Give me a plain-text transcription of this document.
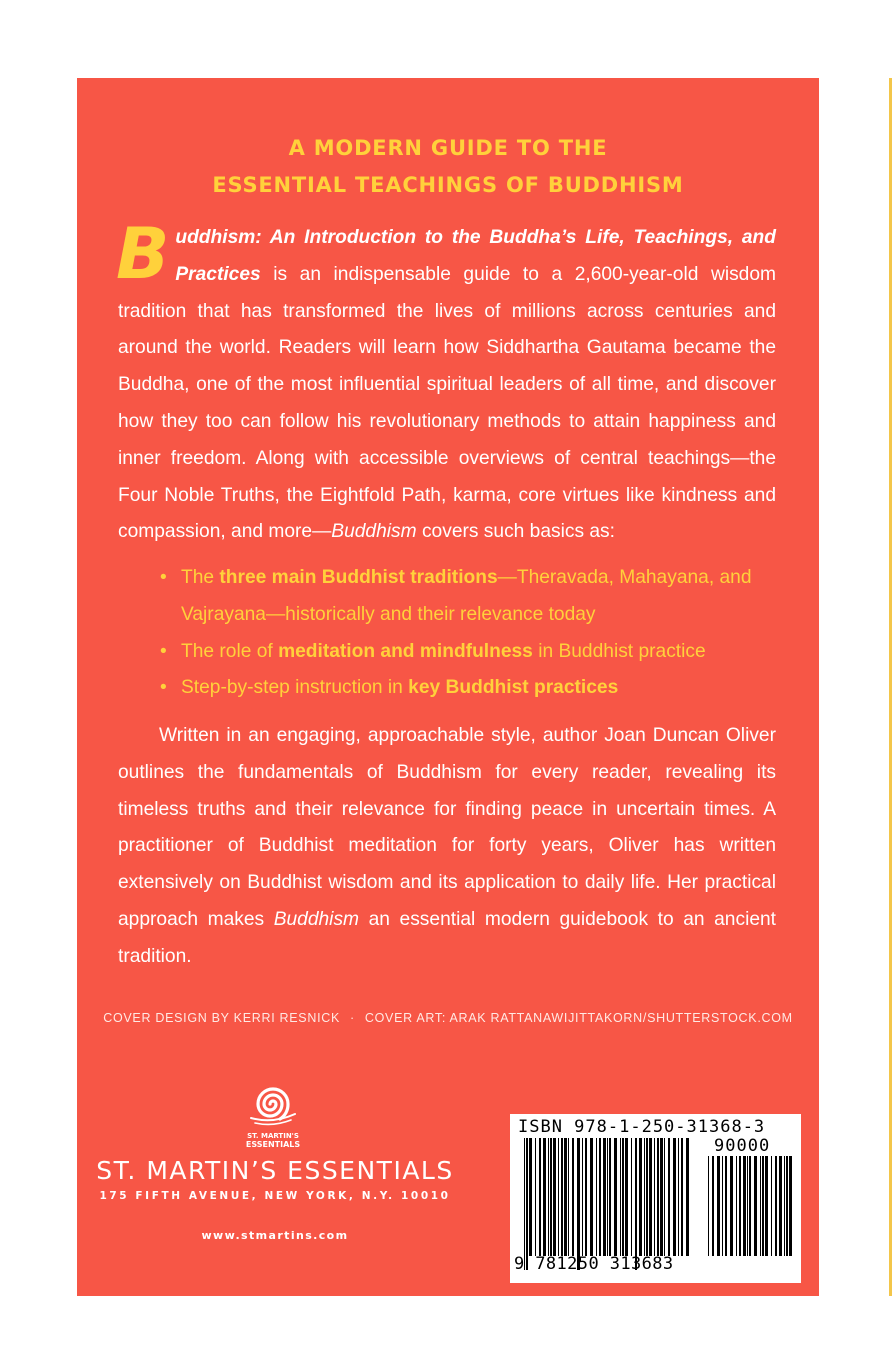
A MODERN GUIDE TO THE
ESSENTIAL TEACHINGS OF BUDDHISM
B uddhism: An Introduction to the Buddha’s Life, Teachings, and Practices is an indispensable guide to a 2,600-year-old wisdom tradition that has transformed the lives of millions across centuries and around the world. Readers will learn how Siddhartha Gautama became the Buddha, one of the most influential spiritual leaders of all time, and discover how they too can follow his revolutionary methods to attain happiness and inner freedom. Along with accessible overviews of central teachings—the Four Noble Truths, the Eightfold Path, karma, core virtues like kindness and compassion, and more—Buddhism covers such basics as:
• The three main Buddhist traditions—Theravada, Mahayana, and Vajrayana—historically and their relevance today
• The role of meditation and mindfulness in Buddhist practice
• Step-by-step instruction in key Buddhist practices
Written in an engaging, approachable style, author Joan Duncan Oliver outlines the fundamentals of Buddhism for every reader, revealing its timeless truths and their relevance for finding peace in uncertain times. A practitioner of Buddhist meditation for forty years, Oliver has written extensively on Buddhist wisdom and its application to daily life. Her practical approach makes Buddhism an essential modern guidebook to an ancient tradition.
COVER DESIGN BY KERRI RESNICK · COVER ART: ARAK RATTANAWIJITTAKORN/SHUTTERSTOCK.COM
ST. MARTIN'S
ESSENTIALS
ST. MARTIN’S ESSENTIALS
175 FIFTH AVENUE, NEW YORK, N.Y. 10010
www.stmartins.com
ISBN 978-1-250-31368-3
90000
9 781250 313683
